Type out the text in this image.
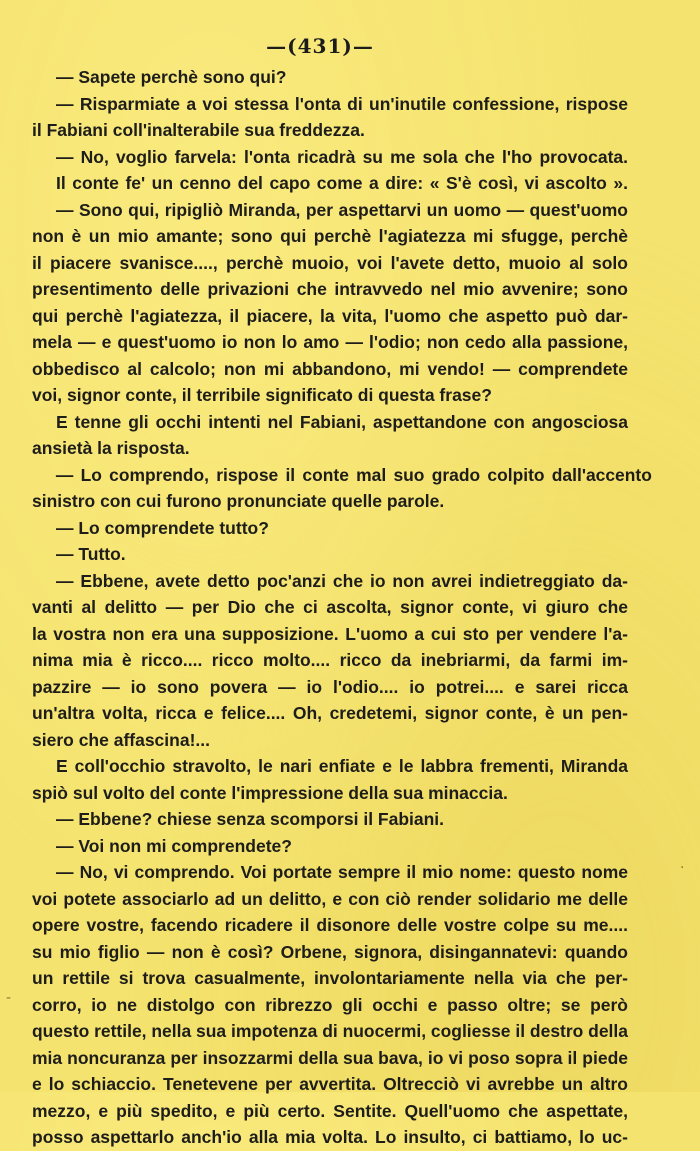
—(431)—
— Sapete perchè sono qui?
— Risparmiate a voi stessa l'onta di un'inutile confessione, rispose
il Fabiani coll'inalterabile sua freddezza.
— No, voglio farvela: l'onta ricadrà su me sola che l'ho provocata.
Il conte fe' un cenno del capo come a dire: « S'è così, vi ascolto ».
— Sono qui, ripigliò Miranda, per aspettarvi un uomo — quest'uomo
non è un mio amante; sono qui perchè l'agiatezza mi sfugge, perchè
il piacere svanisce...., perchè muoio, voi l'avete detto, muoio al solo
presentimento delle privazioni che intravvedo nel mio avvenire; sono
qui perchè l'agiatezza, il piacere, la vita, l'uomo che aspetto può dar-
mela — e quest'uomo io non lo amo — l'odio; non cedo alla passione,
obbedisco al calcolo; non mi abbandono, mi vendo! — comprendete
voi, signor conte, il terribile significato di questa frase?
E tenne gli occhi intenti nel Fabiani, aspettandone con angosciosa
ansietà la risposta.
— Lo comprendo, rispose il conte mal suo grado colpito dall'accento
sinistro con cui furono pronunciate quelle parole.
— Lo comprendete tutto?
— Tutto.
— Ebbene, avete detto poc'anzi che io non avrei indietreggiato da-
vanti al delitto — per Dio che ci ascolta, signor conte, vi giuro che
la vostra non era una supposizione. L'uomo a cui sto per vendere l'a-
nima mia è ricco.... ricco molto.... ricco da inebriarmi, da farmi im-
pazzire — io sono povera — io l'odio.... io potrei.... e sarei ricca
un'altra volta, ricca e felice.... Oh, credetemi, signor conte, è un pen-
siero che affascina!...
E coll'occhio stravolto, le nari enfiate e le labbra frementi, Miranda
spiò sul volto del conte l'impressione della sua minaccia.
— Ebbene? chiese senza scomporsi il Fabiani.
— Voi non mi comprendete?
— No, vi comprendo. Voi portate sempre il mio nome: questo nome
voi potete associarlo ad un delitto, e con ciò render solidario me delle
opere vostre, facendo ricadere il disonore delle vostre colpe su me....
su mio figlio — non è così? Orbene, signora, disingannatevi: quando
un rettile si trova casualmente, involontariamente nella via che per-
corro, io ne distolgo con ribrezzo gli occhi e passo oltre; se però
questo rettile, nella sua impotenza di nuocermi, cogliesse il destro della
mia noncuranza per insozzarmi della sua bava, io vi poso sopra il piede
e lo schiaccio. Tenetevene per avvertita. Oltrecciò vi avrebbe un altro
mezzo, e più spedito, e più certo. Sentite. Quell'uomo che aspettate,
posso aspettarlo anch'io alla mia volta. Lo insulto, ci battiamo, lo uc-
·
-
